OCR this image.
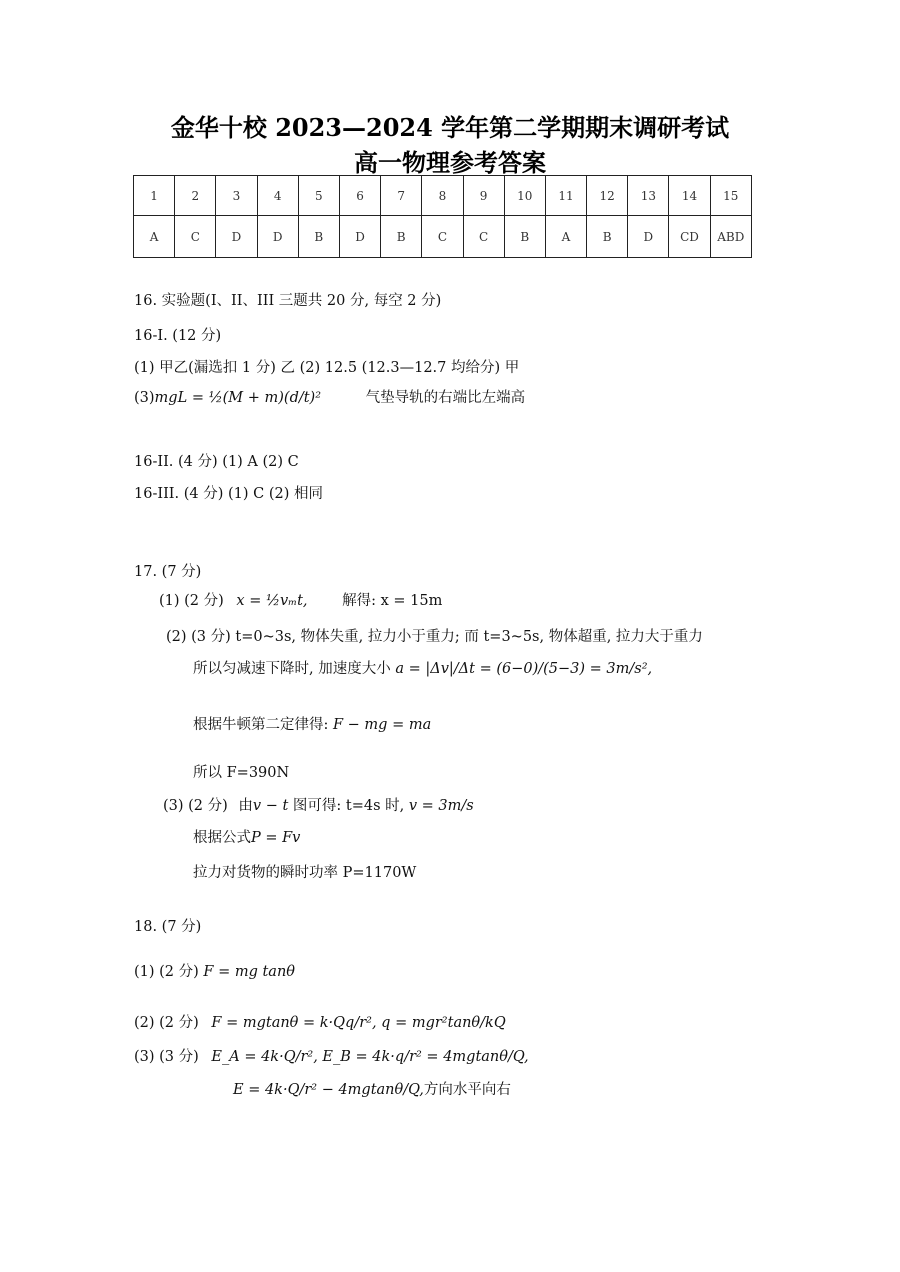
金华十校 2023—2024 学年第二学期期末调研考试
高一物理参考答案
1	2	3	4	5	6	7	8	9	10	11	12	13	14	15
A	C	D	D	B	D	B	C	C	B	A	B	D	CD	ABD
16. 实验题(I、II、III 三题共 20 分, 每空 2 分)
16-I. (12 分)
(1) 甲乙(漏选扣 1 分) 乙 (2) 12.5 (12.3—12.7 均给分) 甲
(3)mgL = ½(M + m)(d/t)²	气垫导轨的右端比左端高
16-II. (4 分) (1) A (2) C
16-III. (4 分) (1) C (2) 相同
17. (7 分)
(1) (2 分) x = ½vₘt, 解得: x = 15m
(2) (3 分) t=0~3s, 物体失重, 拉力小于重力; 而 t=3~5s, 物体超重, 拉力大于重力
所以匀减速下降时, 加速度大小 a = |Δv|/Δt = (6−0)/(5−3) = 3m/s²,
根据牛顿第二定律得: F − mg = ma
所以 F=390N
(3) (2 分) 由v − t 图可得: t=4s 时, v = 3m/s
根据公式P = Fv
拉力对货物的瞬时功率 P=1170W
18. (7 分)
(1) (2 分) F = mg tanθ
(2) (2 分) F = mgtanθ = k·Qq/r², q = mgr²tanθ/kQ
(3) (3 分) E_A = 4k·Q/r², E_B = 4k·q/r² = 4mgtanθ/Q,
E = 4k·Q/r² − 4mgtanθ/Q,方向水平向右
